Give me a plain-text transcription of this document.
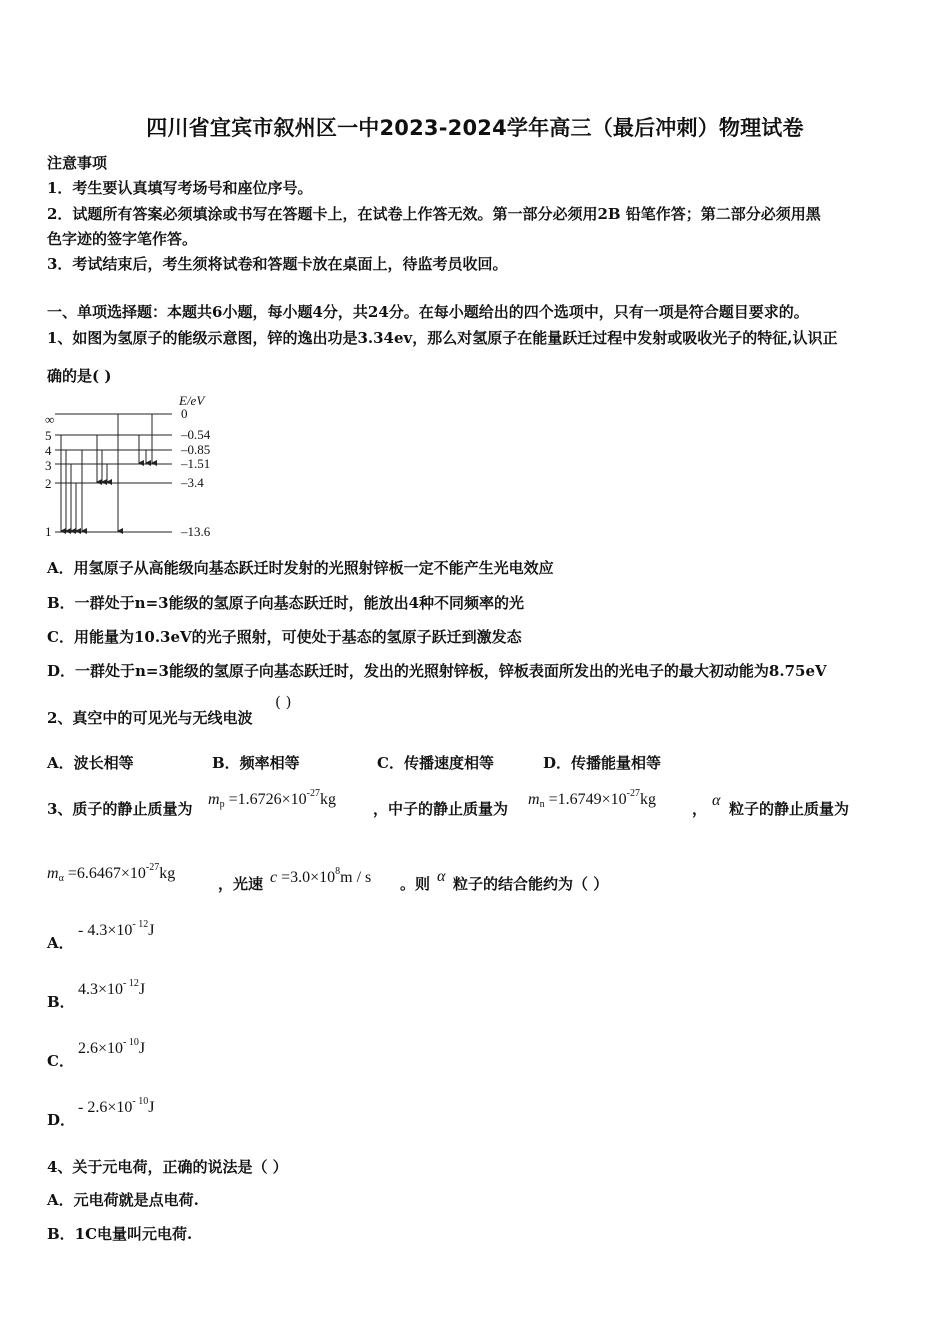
四川省宜宾市叙州区一中2023-2024学年高三（最后冲刺）物理试卷
注意事项
1．考生要认真填写考场号和座位序号。
2．试题所有答案必须填涂或书写在答题卡上，在试卷上作答无效。第一部分必须用2B 铅笔作答；第二部分必须用黑
色字迹的签字笔作答。
3．考试结束后，考生须将试卷和答题卡放在桌面上，待监考员收回。
一、单项选择题：本题共6小题，每小题4分，共24分。在每小题给出的四个选项中，只有一项是符合题目要求的。
1、如图为氢原子的能级示意图，锌的逸出功是3.34ev，那么对氢原子在能量跃迁过程中发射或吸收光子的特征,认识正
确的是( )
E/eV
∞
5
4
3
2
1
0
–0.54
–0.85
–1.51
–3.4
–13.6
A．用氢原子从高能级向基态跃迁时发射的光照射锌板一定不能产生光电效应
B．一群处于n=3能级的氢原子向基态跃迁时，能放出4种不同频率的光
C．用能量为10.3eV的光子照射，可使处于基态的氢原子跃迁到激发态
D．一群处于n=3能级的氢原子向基态跃迁时，发出的光照射锌板，锌板表面所发出的光电子的最大初动能为8.75eV
2、真空中的可见光与无线电波
( )
A．波长相等	B．频率相等	C．传播速度相等	D．传播能量相等
3、质子的静止质量为
$m_p =1.6726\times 10^{-27}kg$
，中子的静止质量为
$m_n =1.6749\times 10^{-27}kg$
， α 粒子的静止质量为
$m_\alpha =6.6467\times 10^{-27}kg$
，光速 $c =3.0\times 10^8m / s$ 。则 α 粒子的结合能约为（ ）
A．
- $4.3\times 10^{- 12}J$
B．
$4.3\times 10^{- 12}J$
C．
$2.6\times 10^{- 10}J$
D．
- $2.6\times 10^{- 10}J$
4、关于元电荷，正确的说法是（ ）
A．元电荷就是点电荷.
B．1C电量叫元电荷.
